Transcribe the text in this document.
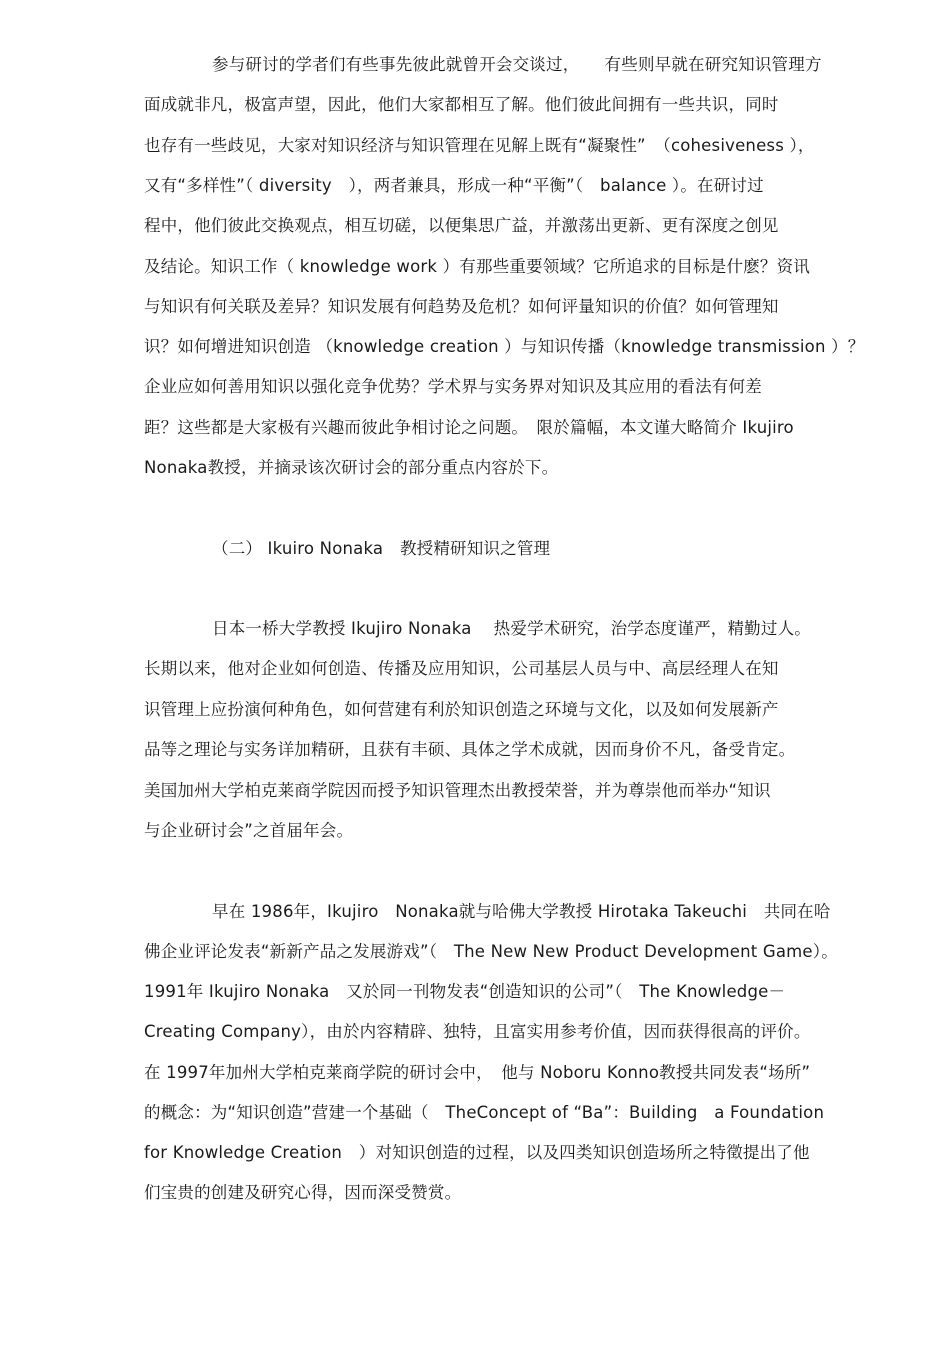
参与研讨的学者们有些事先彼此就曾开会交谈过，　　有些则早就在研究知识管理方
面成就非凡，极富声望，因此，他们大家都相互了解。他们彼此间拥有一些共识，同时
也存有一些歧见，大家对知识经济与知识管理在见解上既有“凝聚性”　（cohesiveness ），
又有“多样性”（ diversity　），两者兼具，形成一种“平衡”（　balance ）。在研讨过
程中，他们彼此交换观点，相互切磋，以便集思广益，并激荡出更新、更有深度之创见
及结论。知识工作（ knowledge work ）有那些重要领域？它所追求的目标是什麽？资讯
与知识有何关联及差异？知识发展有何趋势及危机？如何评量知识的价值？如何管理知
识？如何增进知识创造 （knowledge creation ）与知识传播（knowledge transmission ）？
企业应如何善用知识以强化竞争优势？学术界与实务界对知识及其应用的看法有何差
距？这些都是大家极有兴趣而彼此争相讨论之问题。　限於篇幅，本文谨大略简介 Ikujiro
Nonaka教授，并摘录该次研讨会的部分重点内容於下。
（二） Ikuiro Nonaka　教授精研知识之管理
日本一桥大学教授 Ikujiro Nonaka　 热爱学术研究，治学态度谨严，精勤过人。
长期以来，他对企业如何创造、传播及应用知识，公司基层人员与中、高层经理人在知
识管理上应扮演何种角色，如何营建有利於知识创造之环境与文化，以及如何发展新产
品等之理论与实务详加精研，且获有丰硕、具体之学术成就，因而身价不凡，备受肯定。
美国加州大学柏克莱商学院因而授予知识管理杰出教授荣誉，并为尊崇他而举办“知识
与企业研讨会”之首届年会。
早在 1986年，Ikujiro　Nonaka就与哈佛大学教授 Hirotaka Takeuchi　共同在哈
佛企业评论发表“新新产品之发展游戏”（　The New New Product Development Game）。
1991年 Ikujiro Nonaka　又於同一刊物发表“创造知识的公司”（　The Knowledge－
Creating Company），由於内容精辟、独特，且富实用参考价值，因而获得很高的评价。
在 1997年加州大学柏克莱商学院的研讨会中，　他与 Noboru Konno教授共同发表“场所”
的概念：为“知识创造”营建一个基础（　TheConcept of “Ba”：Building　a Foundation
for Knowledge Creation　）对知识创造的过程，以及四类知识创造场所之特徵提出了他
们宝贵的创建及研究心得，因而深受赞赏。
